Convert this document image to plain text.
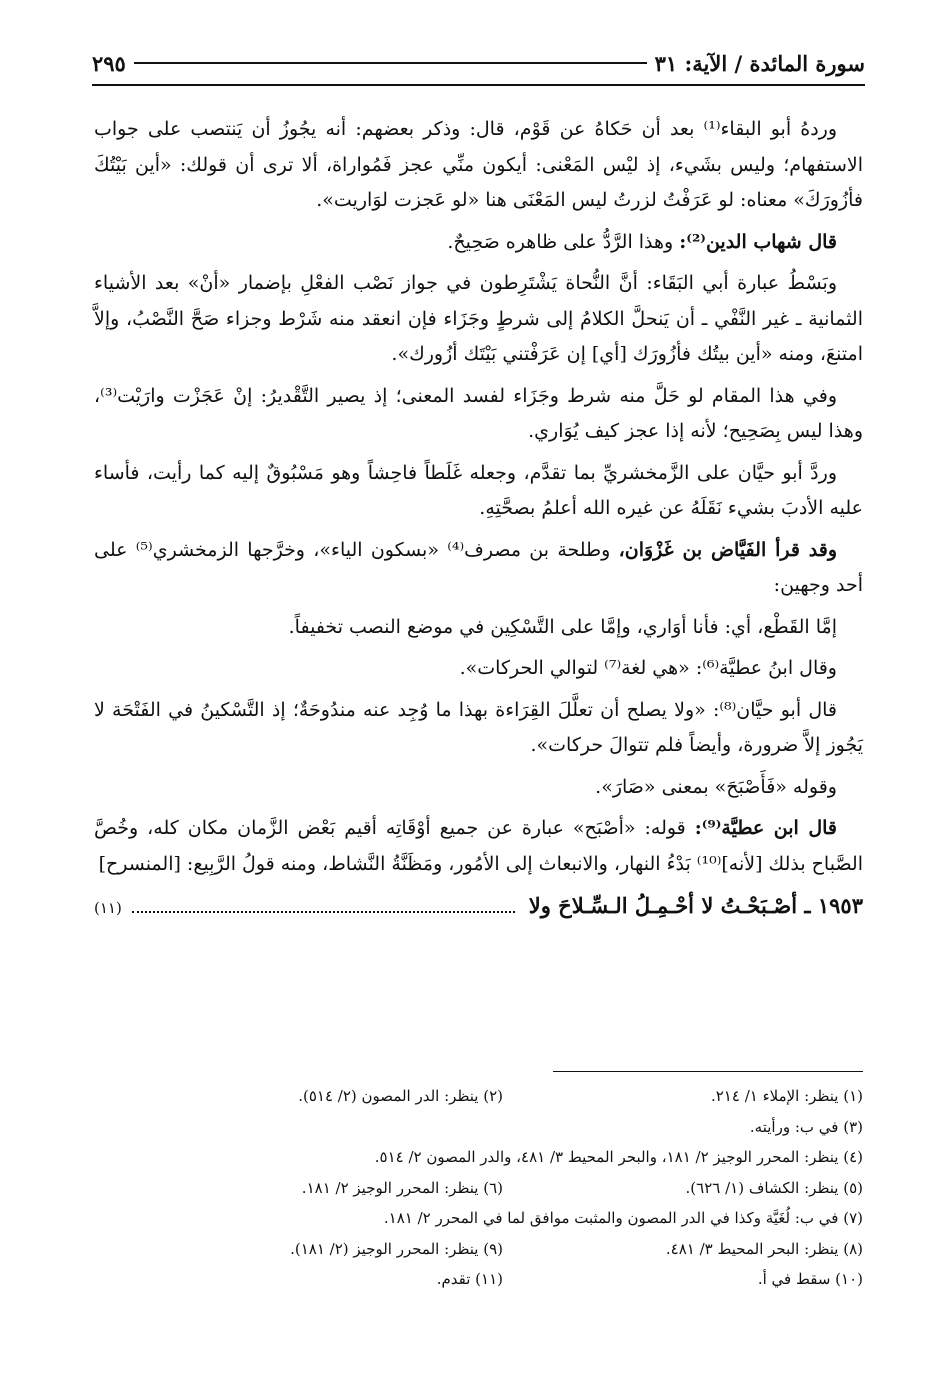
سورة المائدة / الآية: ٣١
٢٩٥

وردهُ أبو البقاء⁽¹⁾ بعد أن حَكاهُ عن قَوْم، قال: وذكر بعضهم: أنه يجُوزُ أن يَنتصب على جواب الاستفهام؛ وليس بشَيء، إذ ليْس المَعْنى: أيكون منِّي عجز فَمُواراة، ألا ترى أن قولك: «أين بَيْتُكَ فأزُورَكَ» معناه: لو عَرَفْتُ لزرتُ ليس المَعْنَى هنا «لو عَجزت لوَاريت».

قال شهاب الدين⁽²⁾: وهذا الرَّدُّ على ظاهره صَحِيحٌ.

وبَسْطُ عبارة أبي البَقَاء: أنَّ النُّحاة يَشْتَرِطون في جواز نَصْب الفعْلِ بإضمار «أنْ» بعد الأشياء الثمانية ـ غير النَّفْي ـ أن يَنحلَّ الكلامُ إلى شرطٍ وجَزَاء فإن انعقد منه شَرْط وجزاء صَحَّ النَّصْبُ، وإلاَّ امتنعَ، ومنه «أين بيتُك فأزُورَك [أي] إن عَرَفْتني بَيْتَك أزُورك».

وفي هذا المقام لو حَلَّ منه شرط وجَزَاء لفسد المعنى؛ إذ يصير التَّقْديرُ: إنْ عَجَزْت وارَيْت⁽³⁾، وهذا ليس بِصَحِيح؛ لأنه إذا عجز كيف يُوَاري.

وردَّ أبو حيَّان على الزَّمخشريِّ بما تقدَّم، وجعله غَلَطاً فاحِشاً وهو مَسْبُوقٌ إليه كما رأيت، فأساء عليه الأدبَ بشيء نَقَلَهُ عن غيره الله أعلمُ بصحَّتِهِ.

وقد قرأ الفَيَّاض بن غَزْوَان، وطلحة بن مصرف⁽⁴⁾ «بسكون الياء»، وخرَّجها الزمخشري⁽⁵⁾ على أحد وجهين:

إمَّا القَطْع، أي: فأنا أوَاري، وإمَّا على التَّسْكِين في موضع النصب تخفيفاً.

وقال ابنُ عطيَّة⁽⁶⁾: «هي لغة⁽⁷⁾ لتوالي الحركات».

قال أبو حيَّان⁽⁸⁾: «ولا يصلح أن تعلَّلَ القِرَاءة بهذا ما وُجِد عنه مندُوحَةٌ؛ إذ التَّسْكينُ في الفَتْحَة لا يَجُوز إلاَّ ضرورة، وأيضاً فلم تتوالَ حركات».

وقوله «فَأَصْبَحَ» بمعنى «صَارَ».

قال ابن عطيَّة⁽⁹⁾: قوله: «أصْبَح» عبارة عن جميع أوْقَاتِه أقيم بَعْض الزَّمان مكان كله، وخُصَّ الصَّباح بذلك [لأنه]⁽¹⁰⁾ بَدْءُ النهار، والانبعاث إلى الأمُور، ومَظَنَّةُ النَّشاط، ومنه قولُ الرَّبِيع: [المنسرح]

١٩٥٣ ـ أصْـبَحْـتُ لا أحْـمِـلُ الـسِّـلاحَ ولا
(١١)
(١) ينظر: الإملاء ١/ ٢١٤.
(٢) ينظر: الدر المصون (٢/ ٥١٤).
(٣) في ب: ورأيته.
(٤) ينظر: المحرر الوجيز ٢/ ١٨١، والبحر المحيط ٣/ ٤٨١، والدر المصون ٢/ ٥١٤.
(٥) ينظر: الكشاف (١/ ٦٢٦).
(٦) ينظر: المحرر الوجيز ٢/ ١٨١.
(٧) في ب: لُغَيَّة وكذا في الدر المصون والمثبت موافق لما في المحرر ٢/ ١٨١.
(٨) ينظر: البحر المحيط ٣/ ٤٨١.
(٩) ينظر: المحرر الوجيز (٢/ ١٨١).
(١٠) سقط في أ.
(١١) تقدم.
